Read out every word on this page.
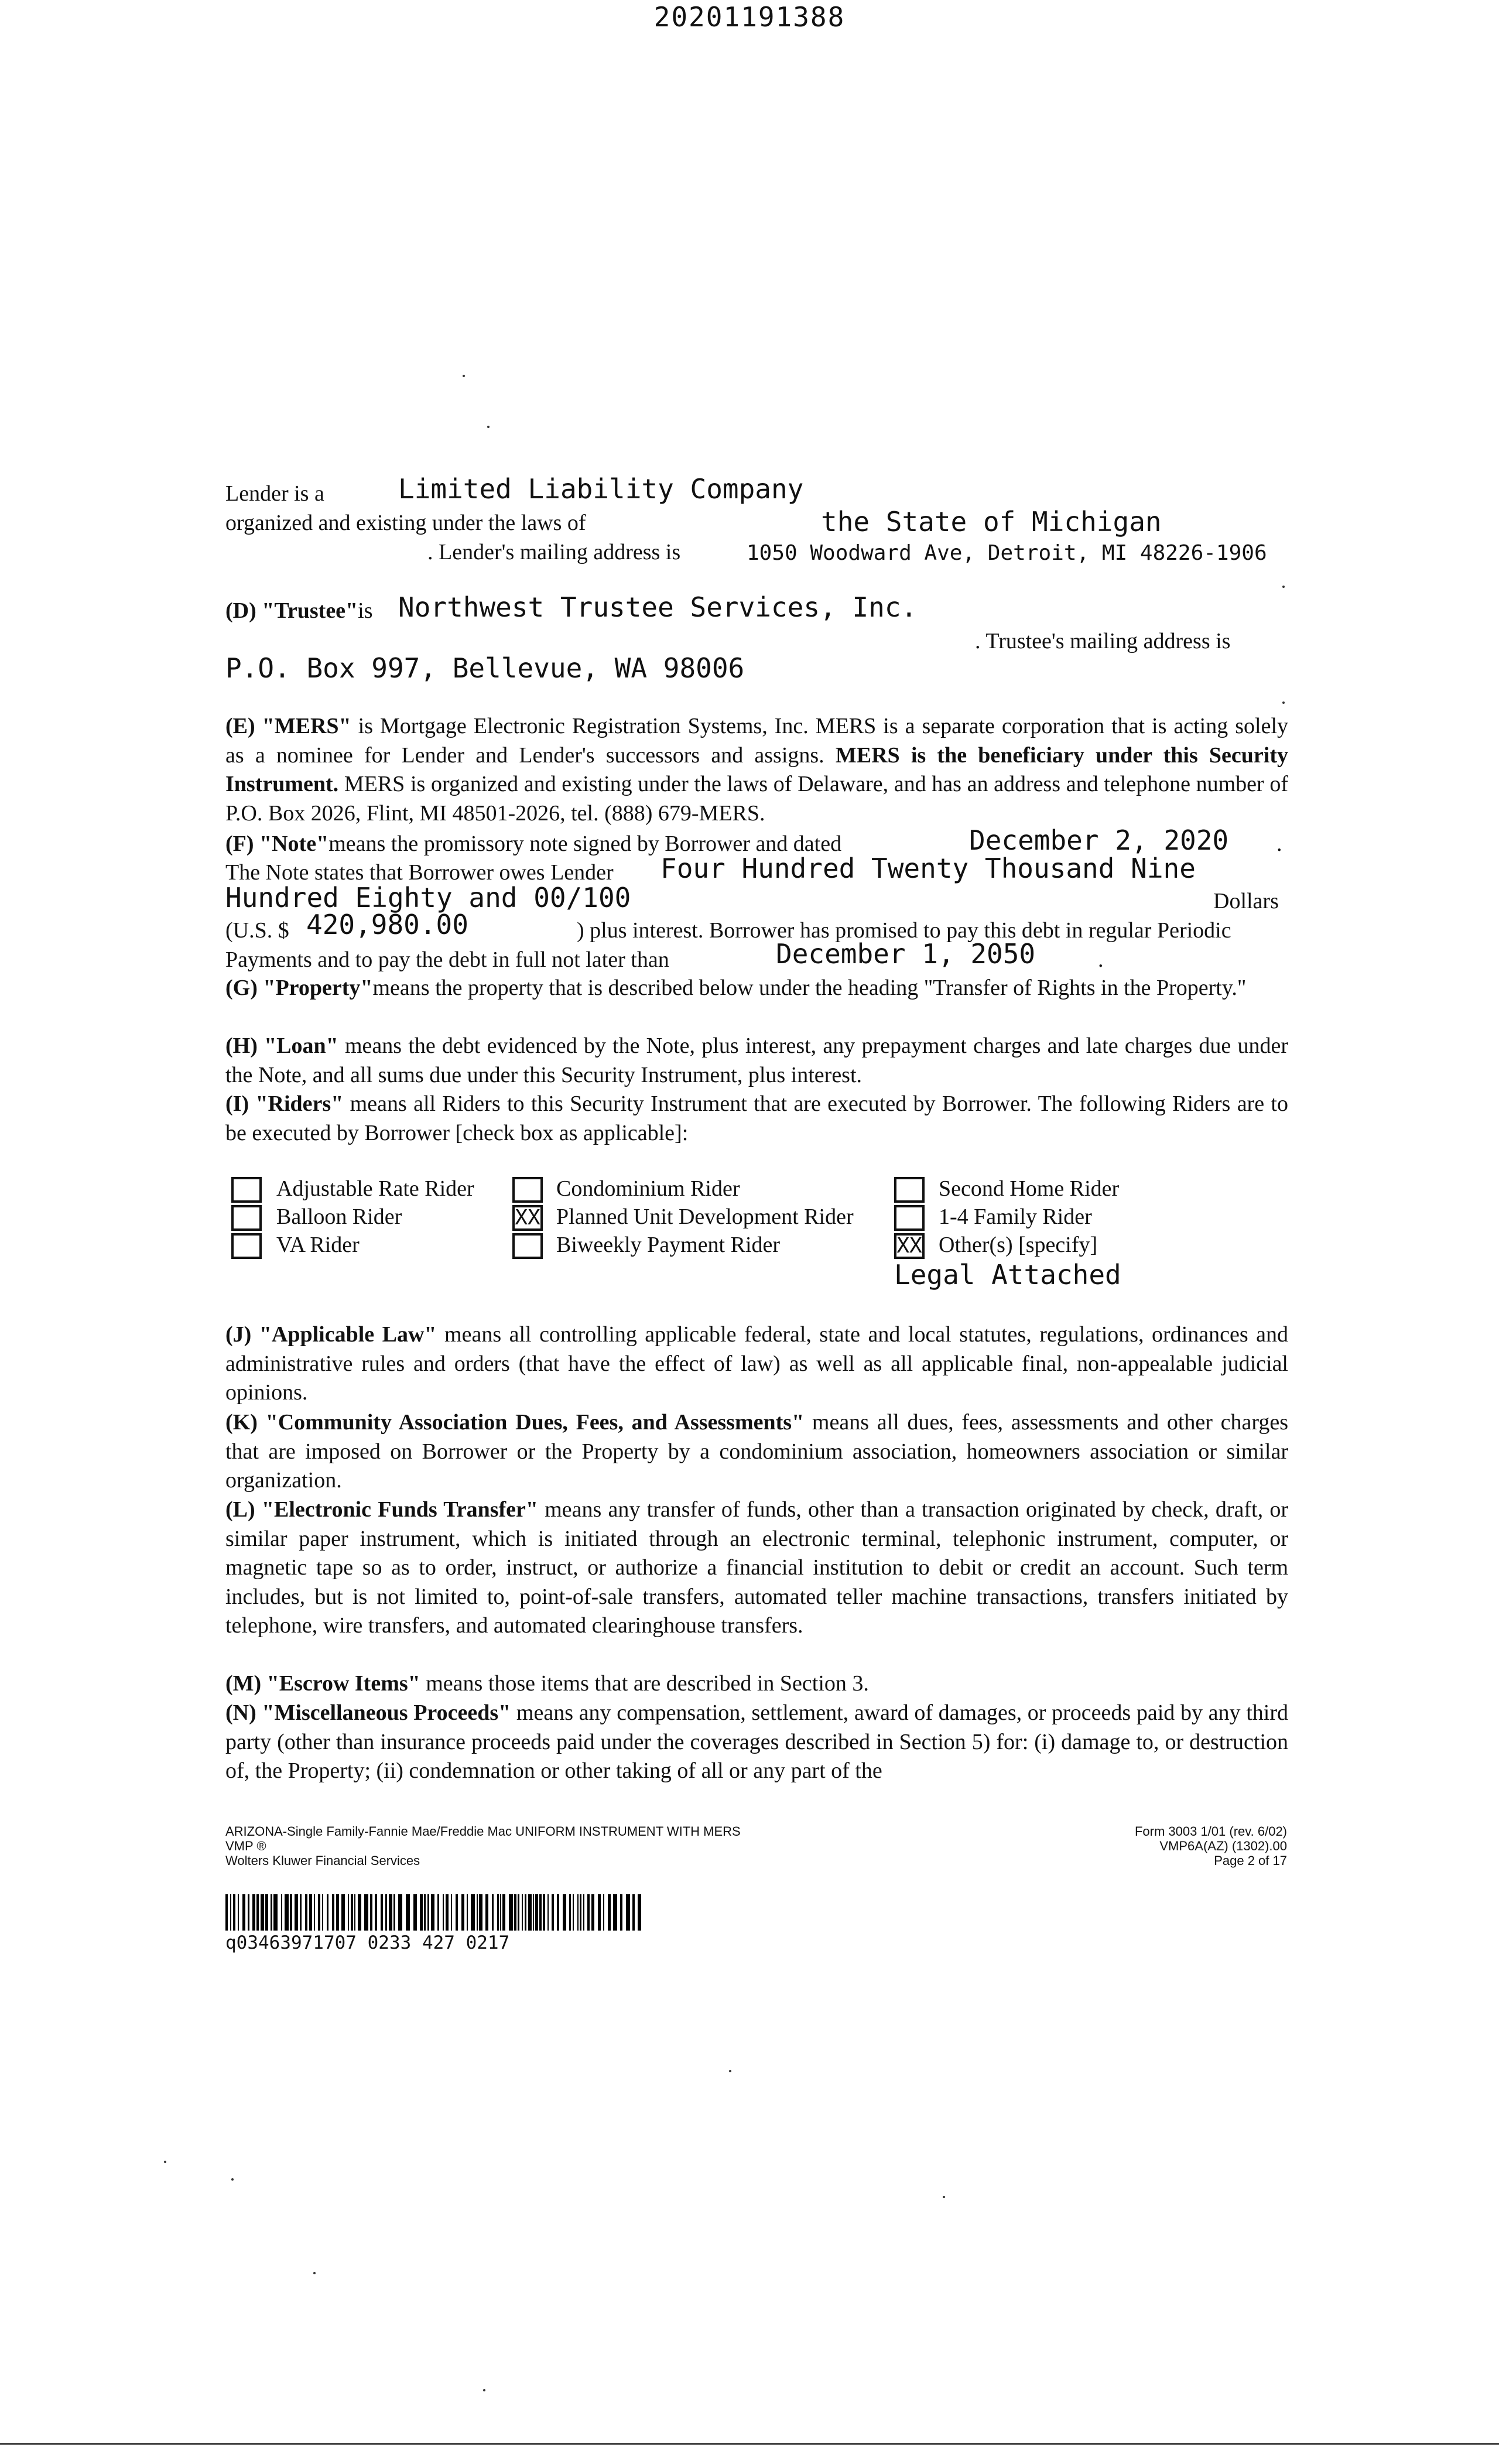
20201191388
Lender is a	Limited Liability Company
organized and existing under the laws of	the State of Michigan
. Lender's mailing address is	1050 Woodward Ave, Detroit, MI 48226-1906
(D) "Trustee"is Northwest Trustee Services, Inc.
. Trustee's mailing address is
P.O. Box 997, Bellevue, WA 98006
(E) "MERS" is Mortgage Electronic Registration Systems, Inc. MERS is a separate corporation that is acting solely as a nominee for Lender and Lender's successors and assigns. MERS is the beneficiary under this Security Instrument. MERS is organized and existing under the laws of Delaware, and has an address and telephone number of P.O. Box 2026, Flint, MI 48501-2026, tel. (888) 679-MERS.
(F) "Note"means the promissory note signed by Borrower and dated	December 2, 2020 .
The Note states that Borrower owes Lender Four Hundred Twenty Thousand Nine
Hundred Eighty and 00/100	Dollars
(U.S. $ 420,980.00	) plus interest. Borrower has promised to pay this debt in regular Periodic
Payments and to pay the debt in full not later than	December 1, 2050	.
(G) "Property"means the property that is described below under the heading "Transfer of Rights in the Property."
(H) "Loan" means the debt evidenced by the Note, plus interest, any prepayment charges and late charges due under the Note, and all sums due under this Security Instrument, plus interest.
(I) "Riders" means all Riders to this Security Instrument that are executed by Borrower. The following Riders are to be executed by Borrower [check box as applicable]:
Adjustable Rate Rider	Condominium Rider	Second Home Rider
Balloon Rider	XX Planned Unit Development Rider	1-4 Family Rider
VA Rider	Biweekly Payment Rider	XX Other(s) [specify]
Legal Attached
(J) "Applicable Law" means all controlling applicable federal, state and local statutes, regulations, ordinances and administrative rules and orders (that have the effect of law) as well as all applicable final, non-appealable judicial opinions.
(K) "Community Association Dues, Fees, and Assessments" means all dues, fees, assessments and other charges that are imposed on Borrower or the Property by a condominium association, homeowners association or similar organization.
(L) "Electronic Funds Transfer" means any transfer of funds, other than a transaction originated by check, draft, or similar paper instrument, which is initiated through an electronic terminal, telephonic instrument, computer, or magnetic tape so as to order, instruct, or authorize a financial institution to debit or credit an account. Such term includes, but is not limited to, point-of-sale transfers, automated teller machine transactions, transfers initiated by telephone, wire transfers, and automated clearinghouse transfers.
(M) "Escrow Items" means those items that are described in Section 3.
(N) "Miscellaneous Proceeds" means any compensation, settlement, award of damages, or proceeds paid by any third party (other than insurance proceeds paid under the coverages described in Section 5) for: (i) damage to, or destruction of, the Property; (ii) condemnation or other taking of all or any part of the
ARIZONA-Single Family-Fannie Mae/Freddie Mac UNIFORM INSTRUMENT WITH MERS
VMP ®
Wolters Kluwer Financial Services
Form 3003 1/01 (rev. 6/02)
VMP6A(AZ) (1302).00
Page 2 of 17
q03463971707 0233 427 0217
